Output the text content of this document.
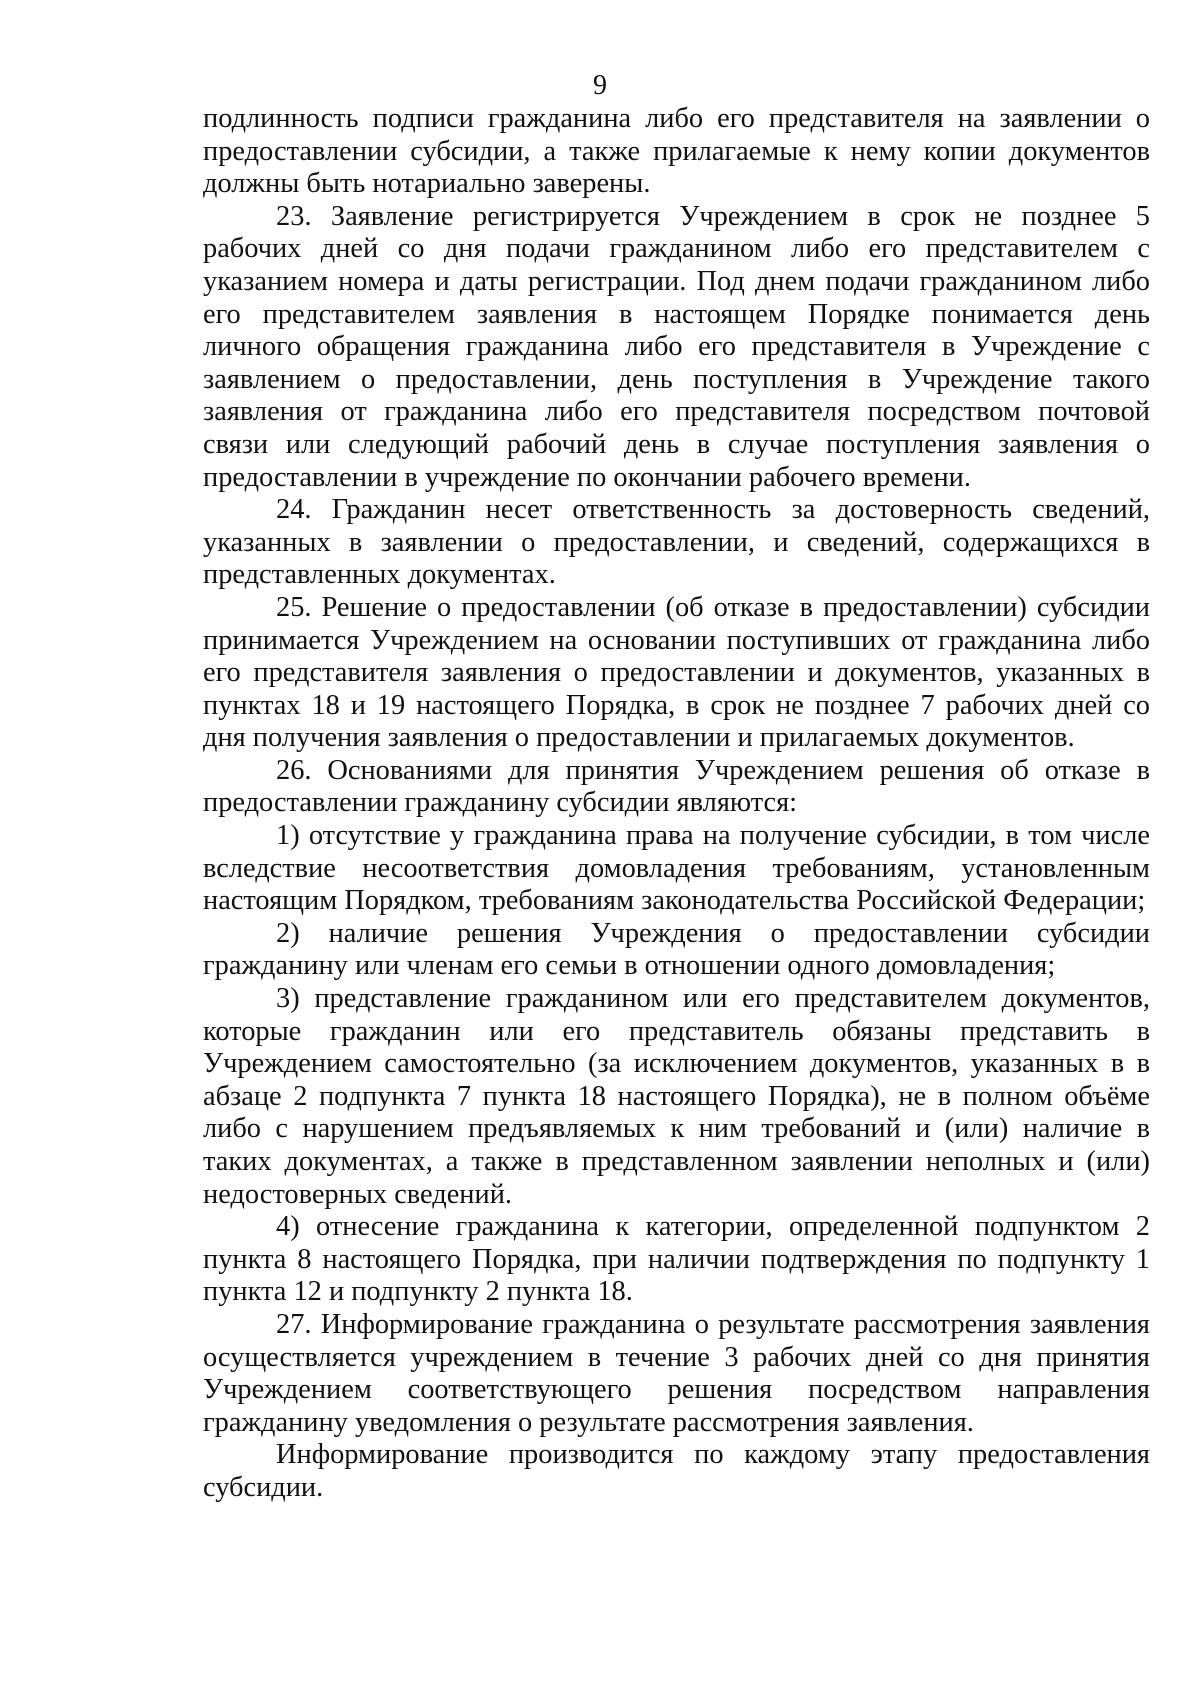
9

подлинность подписи гражданина либо его представителя на заявлении о предоставлении субсидии, а также прилагаемые к нему копии документов должны быть нотариально заверены.

23. Заявление регистрируется Учреждением в срок не позднее 5 рабочих дней со дня подачи гражданином либо его представителем с указанием номера и даты регистрации. Под днем подачи гражданином либо его представителем заявления в настоящем Порядке понимается день личного обращения гражданина либо его представителя в Учреждение с заявлением о предоставлении, день поступления в Учреждение такого заявления от гражданина либо его представителя посредством почтовой связи или следующий рабочий день в случае поступления заявления о предоставлении в учреждение по окончании рабочего времени.

24. Гражданин несет ответственность за достоверность сведений, указанных в заявлении о предоставлении, и сведений, содержащихся в представленных документах.

25. Решение о предоставлении (об отказе в предоставлении) субсидии принимается Учреждением на основании поступивших от гражданина либо его представителя заявления о предоставлении и документов, указанных в пунктах 18 и 19 настоящего Порядка, в срок не позднее 7 рабочих дней со дня получения заявления о предоставлении и прилагаемых документов.

26. Основаниями для принятия Учреждением решения об отказе в предоставлении гражданину субсидии являются:

1) отсутствие у гражданина права на получение субсидии, в том числе вследствие несоответствия домовладения требованиям, установленным настоящим Порядком, требованиям законодательства Российской Федерации;

2) наличие решения Учреждения о предоставлении субсидии гражданину или членам его семьи в отношении одного домовладения;

3) представление гражданином или его представителем документов, которые гражданин или его представитель обязаны представить в Учреждением самостоятельно (за исключением документов, указанных в в абзаце 2 подпункта 7 пункта 18 настоящего Порядка), не в полном объёме либо с нарушением предъявляемых к ним требований и (или) наличие в таких документах, а также в представленном заявлении неполных и (или) недостоверных сведений.

4) отнесение гражданина к категории, определенной подпунктом 2 пункта 8 настоящего Порядка, при наличии подтверждения по подпункту 1 пункта 12 и подпункту 2 пункта 18.

27. Информирование гражданина о результате рассмотрения заявления осуществляется учреждением в течение 3 рабочих дней со дня принятия Учреждением соответствующего решения посредством направления гражданину уведомления о результате рассмотрения заявления.

Информирование производится по каждому этапу предоставления субсидии.
